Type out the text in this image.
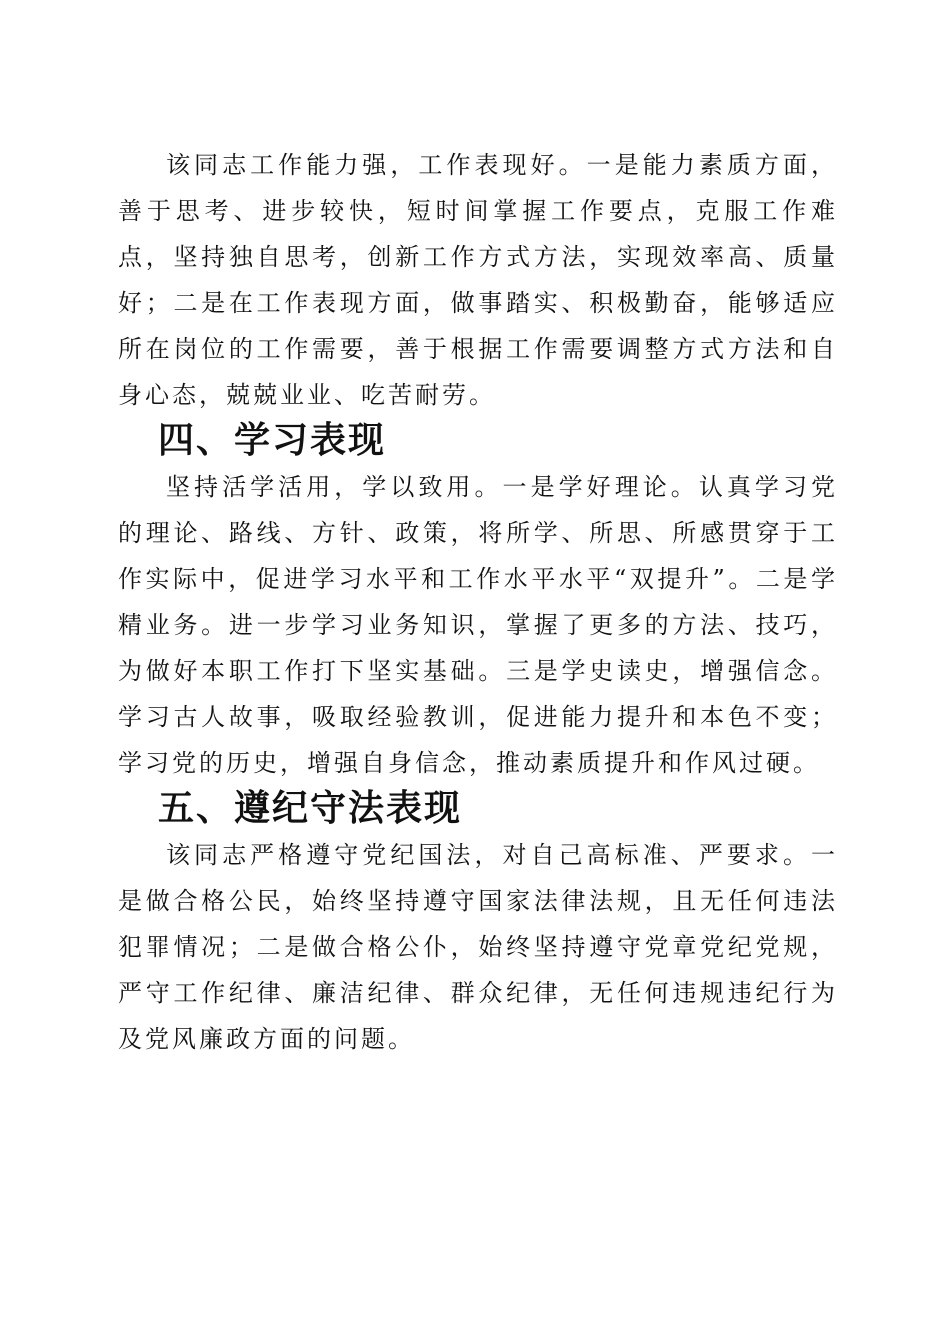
该同志工作能力强，工作表现好。一是能力素质方面，善于思考、进步较快，短时间掌握工作要点，克服工作难点，坚持独自思考，创新工作方式方法，实现效率高、质量好；二是在工作表现方面，做事踏实、积极勤奋，能够适应所在岗位的工作需要，善于根据工作需要调整方式方法和自身心态，兢兢业业、吃苦耐劳。

四、学习表现

坚持活学活用，学以致用。一是学好理论。认真学习党的理论、路线、方针、政策，将所学、所思、所感贯穿于工作实际中，促进学习水平和工作水平水平“双提升”。二是学精业务。进一步学习业务知识，掌握了更多的方法、技巧，为做好本职工作打下坚实基础。三是学史读史，增强信念。学习古人故事，吸取经验教训，促进能力提升和本色不变；学习党的历史，增强自身信念，推动素质提升和作风过硬。

五、遵纪守法表现

该同志严格遵守党纪国法，对自己高标准、严要求。一是做合格公民，始终坚持遵守国家法律法规，且无任何违法犯罪情况；二是做合格公仆，始终坚持遵守党章党纪党规，严守工作纪律、廉洁纪律、群众纪律，无任何违规违纪行为及党风廉政方面的问题。
